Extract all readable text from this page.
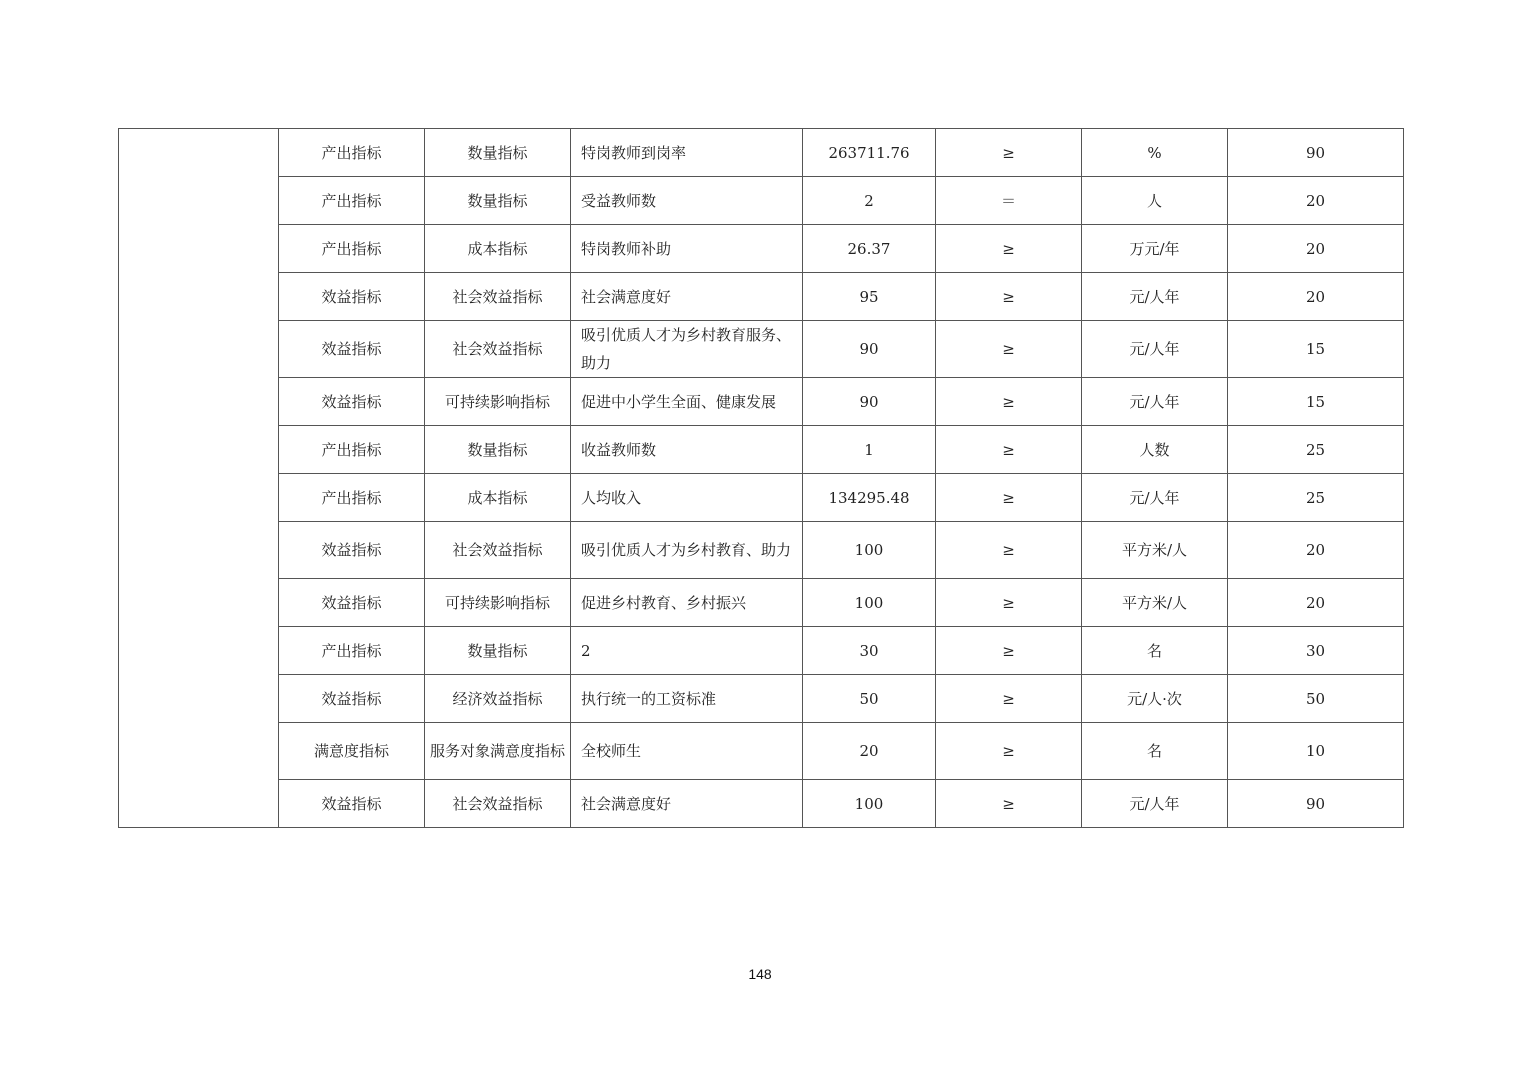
	产出指标	数量指标	特岗教师到岗率	263711.76	≥	%	90
	产出指标	数量指标	受益教师数	2	＝	人	20
	产出指标	成本指标	特岗教师补助	26.37	≥	万元/年	20
	效益指标	社会效益指标	社会满意度好	95	≥	元/人年	20
	效益指标	社会效益指标	吸引优质人才为乡村教育服务、助力	90	≥	元/人年	15
	效益指标	可持续影响指标	促进中小学生全面、健康发展	90	≥	元/人年	15
	产出指标	数量指标	收益教师数	1	≥	人数	25
	产出指标	成本指标	人均收入	134295.48	≥	元/人年	25
	效益指标	社会效益指标	吸引优质人才为乡村教育、助力	100	≥	平方米/人	20
	效益指标	可持续影响指标	促进乡村教育、乡村振兴	100	≥	平方米/人	20
	产出指标	数量指标	2	30	≥	名	30
	效益指标	经济效益指标	执行统一的工资标准	50	≥	元/人·次	50
	满意度指标	服务对象满意度指标	全校师生	20	≥	名	10
	效益指标	社会效益指标	社会满意度好	100	≥	元/人年	90
148
